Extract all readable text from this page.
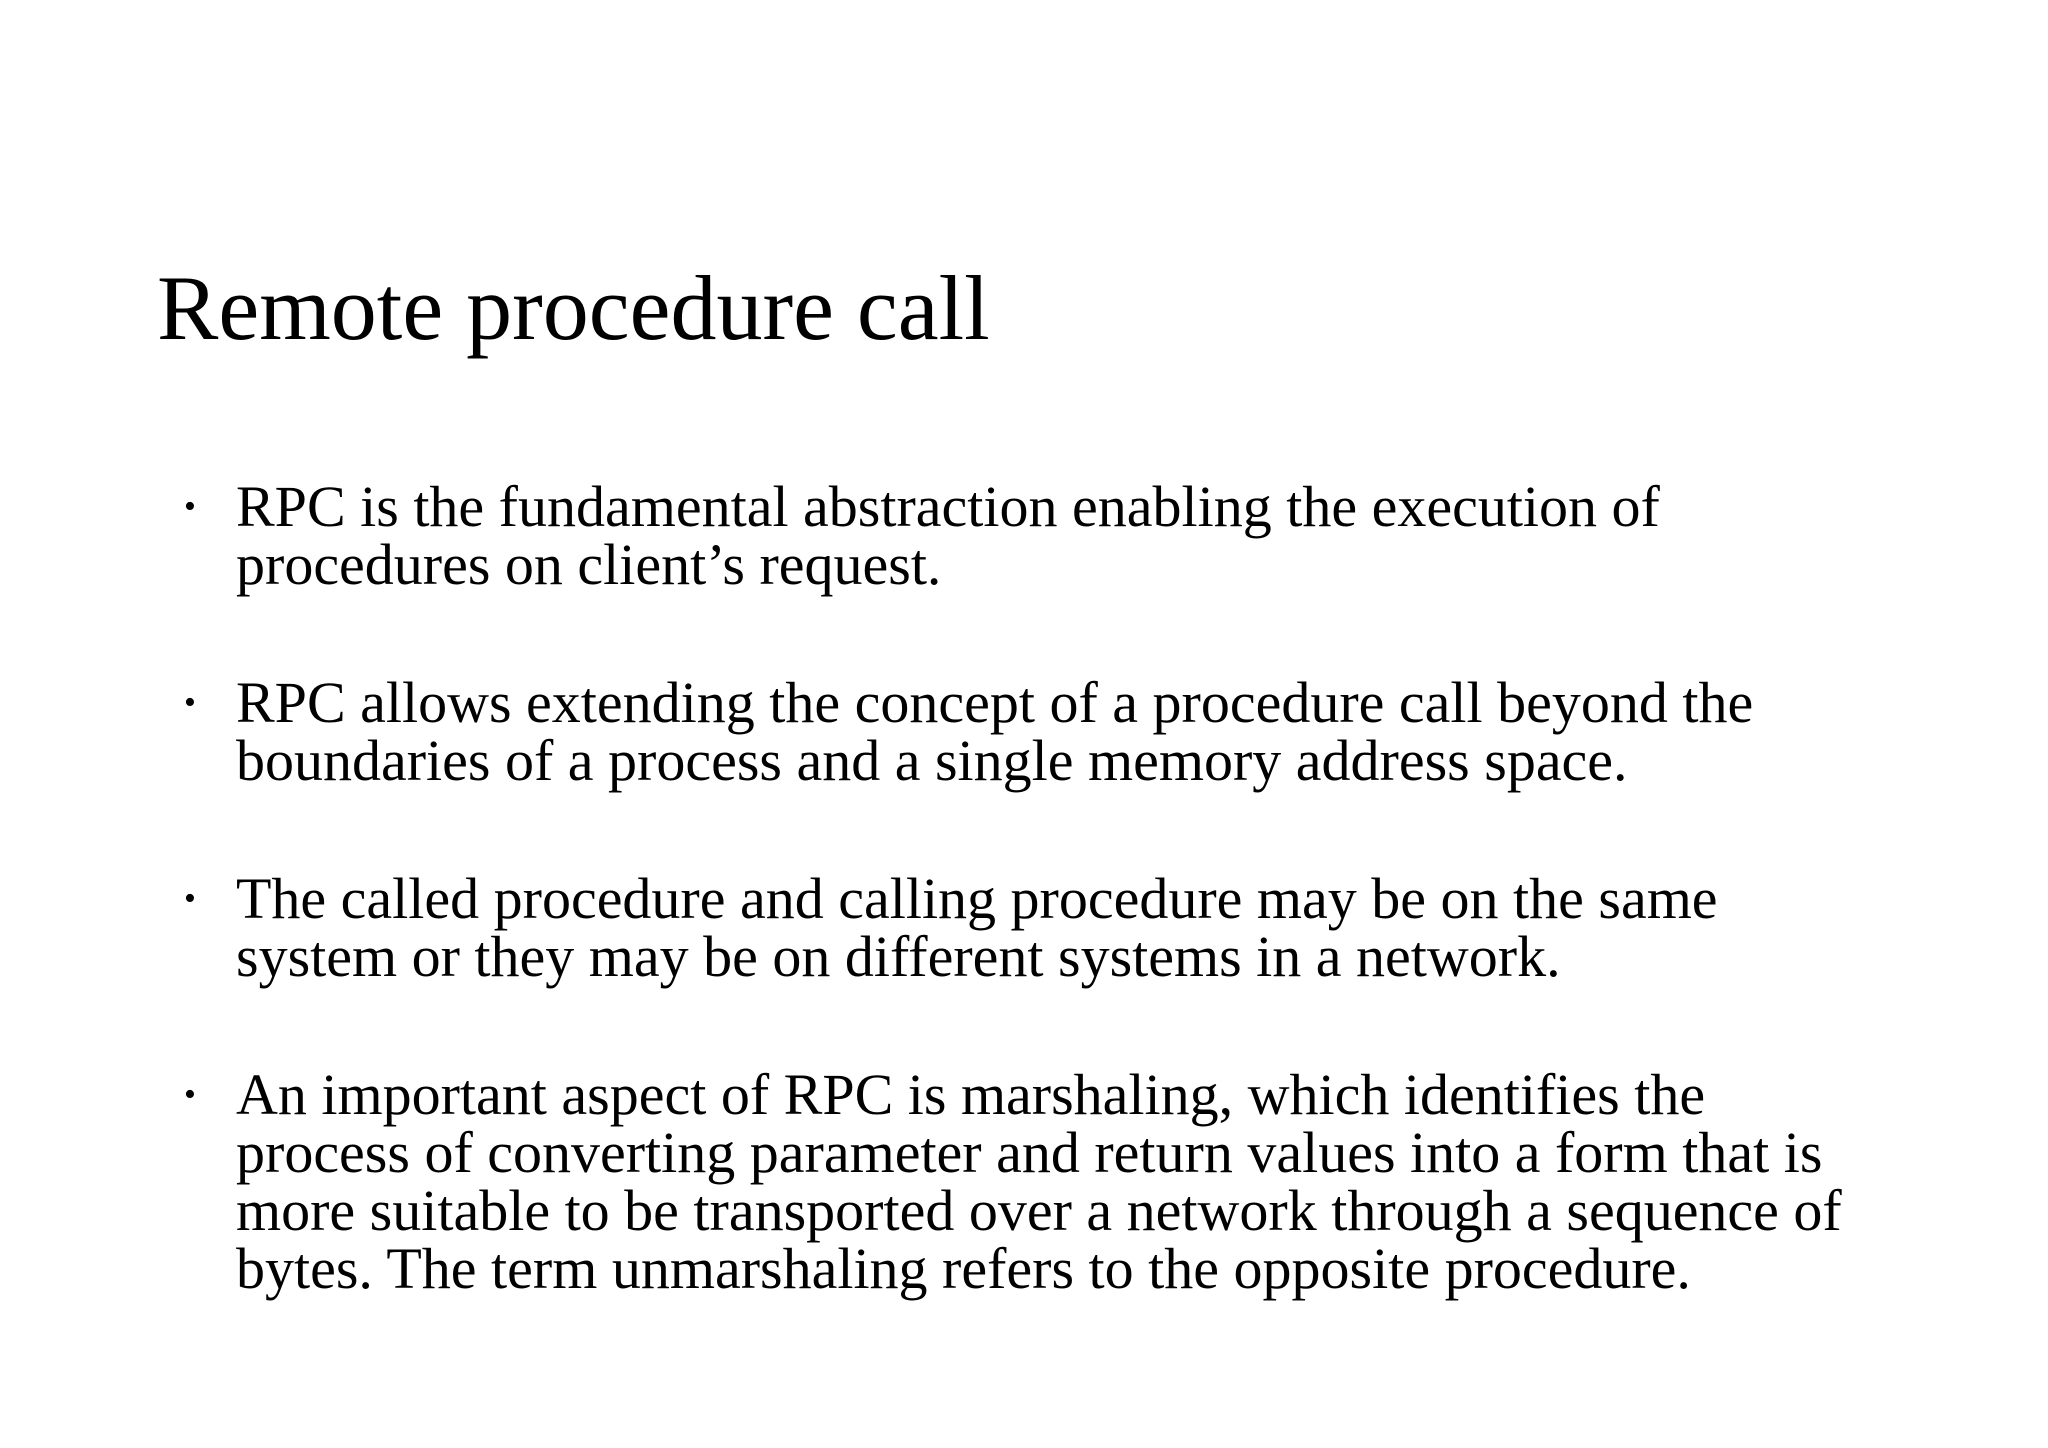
Remote procedure call
• RPC is the fundamental abstraction enabling the execution of
procedures on client’s request.
• RPC allows extending the concept of a procedure call beyond the
boundaries of a process and a single memory address space.
• The called procedure and calling procedure may be on the same
system or they may be on different systems in a network.
• An important aspect of RPC is marshaling, which identifies the
process of converting parameter and return values into a form that is
more suitable to be transported over a network through a sequence of
bytes. The term unmarshaling refers to the opposite procedure.
